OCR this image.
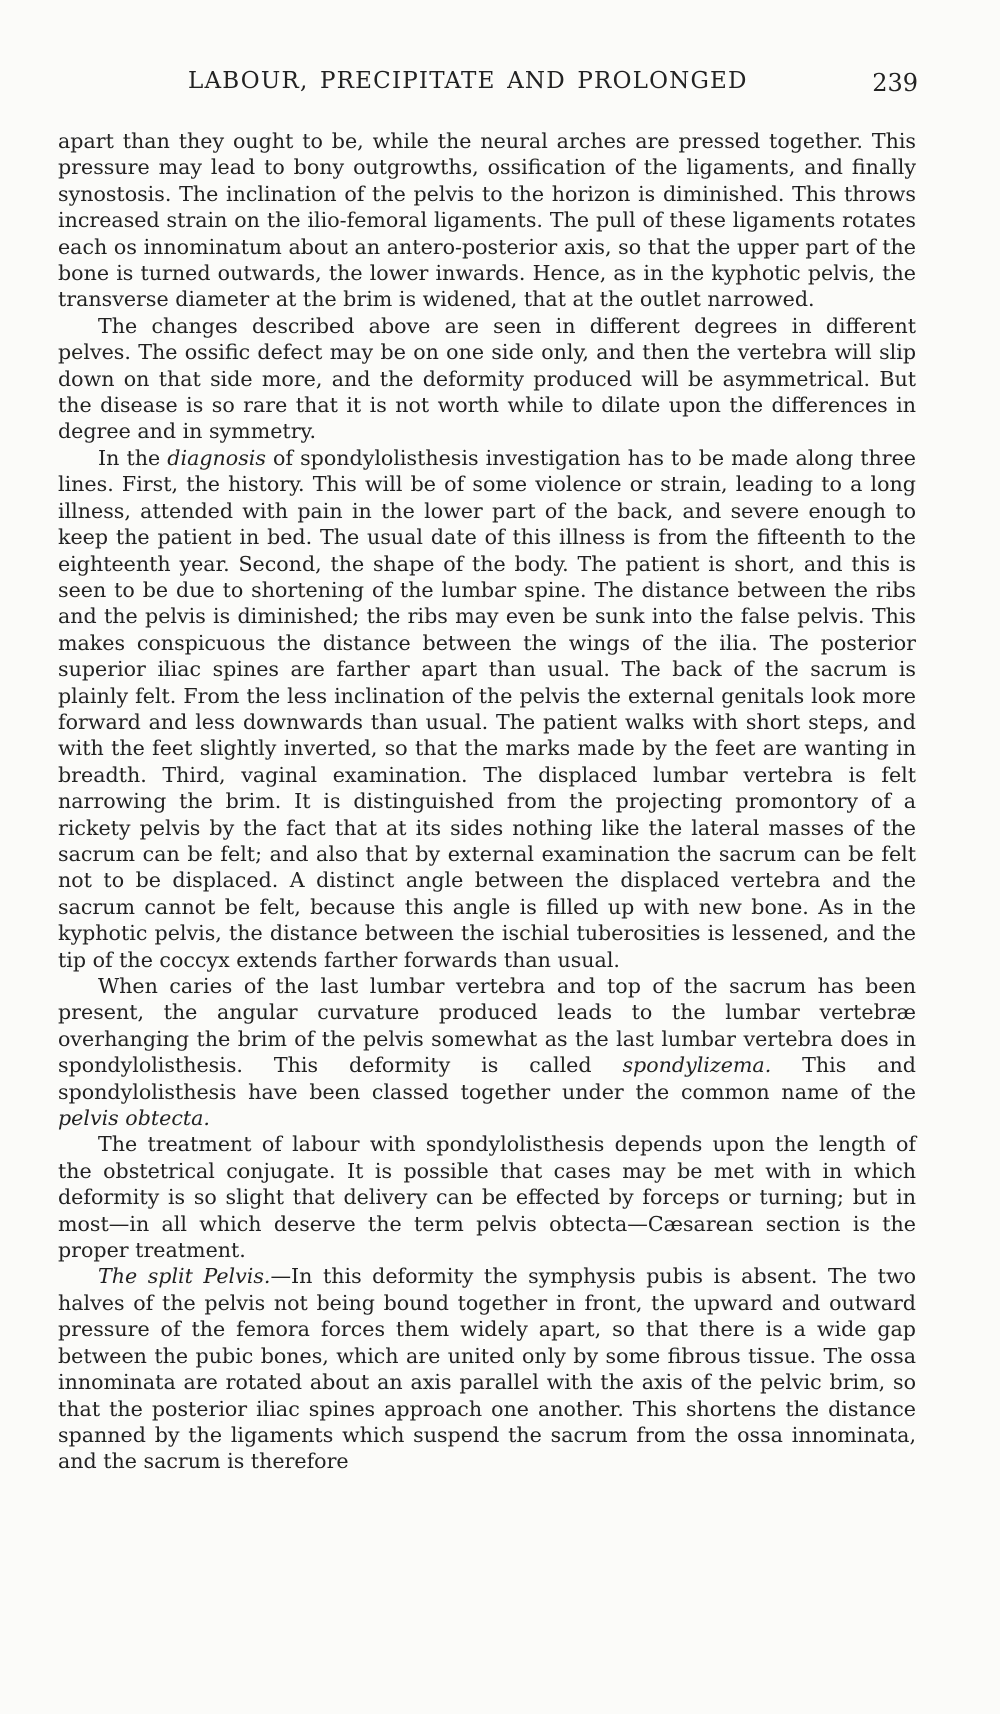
LABOUR, PRECIPITATE AND PROLONGED	239

apart than they ought to be, while the neural arches are pressed together. This pressure may lead to bony outgrowths, ossification of the ligaments, and finally synostosis. The inclination of the pelvis to the horizon is diminished. This throws increased strain on the ilio-femoral ligaments. The pull of these ligaments rotates each os innominatum about an antero-posterior axis, so that the upper part of the bone is turned outwards, the lower inwards. Hence, as in the kyphotic pelvis, the transverse diameter at the brim is widened, that at the outlet narrowed.

The changes described above are seen in different degrees in different pelves. The ossific defect may be on one side only, and then the vertebra will slip down on that side more, and the deformity produced will be asymmetrical. But the disease is so rare that it is not worth while to dilate upon the differences in degree and in symmetry.

In the diagnosis of spondylolisthesis investigation has to be made along three lines. First, the history. This will be of some violence or strain, leading to a long illness, attended with pain in the lower part of the back, and severe enough to keep the patient in bed. The usual date of this illness is from the fifteenth to the eighteenth year. Second, the shape of the body. The patient is short, and this is seen to be due to shortening of the lumbar spine. The distance between the ribs and the pelvis is diminished; the ribs may even be sunk into the false pelvis. This makes conspicuous the distance between the wings of the ilia. The posterior superior iliac spines are farther apart than usual. The back of the sacrum is plainly felt. From the less inclination of the pelvis the external genitals look more forward and less downwards than usual. The patient walks with short steps, and with the feet slightly inverted, so that the marks made by the feet are wanting in breadth. Third, vaginal examination. The displaced lumbar vertebra is felt narrowing the brim. It is distinguished from the projecting promontory of a rickety pelvis by the fact that at its sides nothing like the lateral masses of the sacrum can be felt; and also that by external examination the sacrum can be felt not to be displaced. A distinct angle between the displaced vertebra and the sacrum cannot be felt, because this angle is filled up with new bone. As in the kyphotic pelvis, the distance between the ischial tuberosities is lessened, and the tip of the coccyx extends farther forwards than usual.

When caries of the last lumbar vertebra and top of the sacrum has been present, the angular curvature produced leads to the lumbar vertebræ overhanging the brim of the pelvis somewhat as the last lumbar vertebra does in spondylolisthesis. This deformity is called spondylizema. This and spondylolisthesis have been classed together under the common name of the pelvis obtecta.

The treatment of labour with spondylolisthesis depends upon the length of the obstetrical conjugate. It is possible that cases may be met with in which deformity is so slight that delivery can be effected by forceps or turning; but in most—in all which deserve the term pelvis obtecta—Cæsarean section is the proper treatment.

The split Pelvis.—In this deformity the symphysis pubis is absent. The two halves of the pelvis not being bound together in front, the upward and outward pressure of the femora forces them widely apart, so that there is a wide gap between the pubic bones, which are united only by some fibrous tissue. The ossa innominata are rotated about an axis parallel with the axis of the pelvic brim, so that the posterior iliac spines approach one another. This shortens the distance spanned by the ligaments which suspend the sacrum from the ossa innominata, and the sacrum is therefore
